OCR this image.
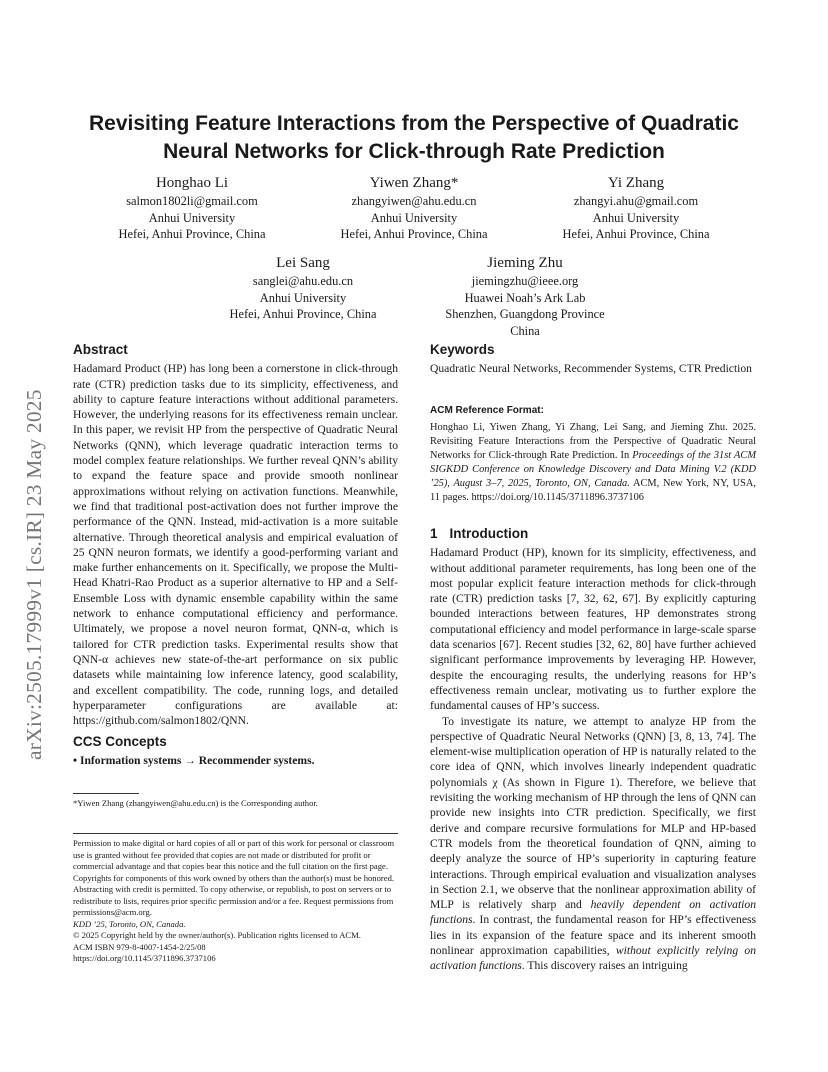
arXiv:2505.17999v1 [cs.IR] 23 May 2025
Revisiting Feature Interactions from the Perspective of Quadratic
Neural Networks for Click-through Rate Prediction
Honghao Li
salmon1802li@gmail.com
Anhui University
Hefei, Anhui Province, China
Yiwen Zhang*
zhangyiwen@ahu.edu.cn
Anhui University
Hefei, Anhui Province, China
Yi Zhang
zhangyi.ahu@gmail.com
Anhui University
Hefei, Anhui Province, China
Lei Sang
sanglei@ahu.edu.cn
Anhui University
Hefei, Anhui Province, China
Jieming Zhu
jiemingzhu@ieee.org
Huawei Noah’s Ark Lab
Shenzhen, Guangdong Province
China
Abstract
Hadamard Product (HP) has long been a cornerstone in click-through rate (CTR) prediction tasks due to its simplicity, effectiveness, and ability to capture feature interactions without additional parameters. However, the underlying reasons for its effectiveness remain unclear. In this paper, we revisit HP from the perspective of Quadratic Neural Networks (QNN), which leverage quadratic interaction terms to model complex feature relationships. We further reveal QNN’s ability to expand the feature space and provide smooth nonlinear approximations without relying on activation functions. Meanwhile, we find that traditional post-activation does not further improve the performance of the QNN. Instead, mid-activation is a more suitable alternative. Through theoretical analysis and empirical evaluation of 25 QNN neuron formats, we identify a good-performing variant and make further enhancements on it. Specifically, we propose the Multi-Head Khatri-Rao Product as a superior alternative to HP and a Self-Ensemble Loss with dynamic ensemble capability within the same network to enhance computational efficiency and performance. Ultimately, we propose a novel neuron format, QNN-α, which is tailored for CTR prediction tasks. Experimental results show that QNN-α achieves new state-of-the-art performance on six public datasets while maintaining low inference latency, good scalability, and excellent compatibility. The code, running logs, and detailed hyperparameter configurations are available at: https://github.com/salmon1802/QNN.
CCS Concepts
• Information systems → Recommender systems.
*Yiwen Zhang (zhangyiwen@ahu.edu.cn) is the Corresponding author.
Permission to make digital or hard copies of all or part of this work for personal or classroom use is granted without fee provided that copies are not made or distributed for profit or commercial advantage and that copies bear this notice and the full citation on the first page. Copyrights for components of this work owned by others than the author(s) must be honored. Abstracting with credit is permitted. To copy otherwise, or republish, to post on servers or to redistribute to lists, requires prior specific permission and/or a fee. Request permissions from permissions@acm.org.
KDD ’25, Toronto, ON, Canada.
© 2025 Copyright held by the owner/author(s). Publication rights licensed to ACM.
ACM ISBN 979-8-4007-1454-2/25/08
https://doi.org/10.1145/3711896.3737106
Keywords
Quadratic Neural Networks, Recommender Systems, CTR Prediction
ACM Reference Format:
Honghao Li, Yiwen Zhang, Yi Zhang, Lei Sang, and Jieming Zhu. 2025. Revisiting Feature Interactions from the Perspective of Quadratic Neural Networks for Click-through Rate Prediction. In Proceedings of the 31st ACM SIGKDD Conference on Knowledge Discovery and Data Mining V.2 (KDD ’25), August 3–7, 2025, Toronto, ON, Canada. ACM, New York, NY, USA, 11 pages. https://doi.org/10.1145/3711896.3737106
1 Introduction
Hadamard Product (HP), known for its simplicity, effectiveness, and without additional parameter requirements, has long been one of the most popular explicit feature interaction methods for click-through rate (CTR) prediction tasks [7, 32, 62, 67]. By explicitly capturing bounded interactions between features, HP demonstrates strong computational efficiency and model performance in large-scale sparse data scenarios [67]. Recent studies [32, 62, 80] have further achieved significant performance improvements by leveraging HP. However, despite the encouraging results, the underlying reasons for HP’s effectiveness remain unclear, motivating us to further explore the fundamental causes of HP’s success.
To investigate its nature, we attempt to analyze HP from the perspective of Quadratic Neural Networks (QNN) [3, 8, 13, 74]. The element-wise multiplication operation of HP is naturally related to the core idea of QNN, which involves linearly independent quadratic polynomials χ (As shown in Figure 1). Therefore, we believe that revisiting the working mechanism of HP through the lens of QNN can provide new insights into CTR prediction. Specifically, we first derive and compare recursive formulations for MLP and HP-based CTR models from the theoretical foundation of QNN, aiming to deeply analyze the source of HP’s superiority in capturing feature interactions. Through empirical evaluation and visualization analyses in Section 2.1, we observe that the nonlinear approximation ability of MLP is relatively sharp and heavily dependent on activation functions. In contrast, the fundamental reason for HP’s effectiveness lies in its expansion of the feature space and its inherent smooth nonlinear approximation capabilities, without explicitly relying on activation functions. This discovery raises an intriguing
